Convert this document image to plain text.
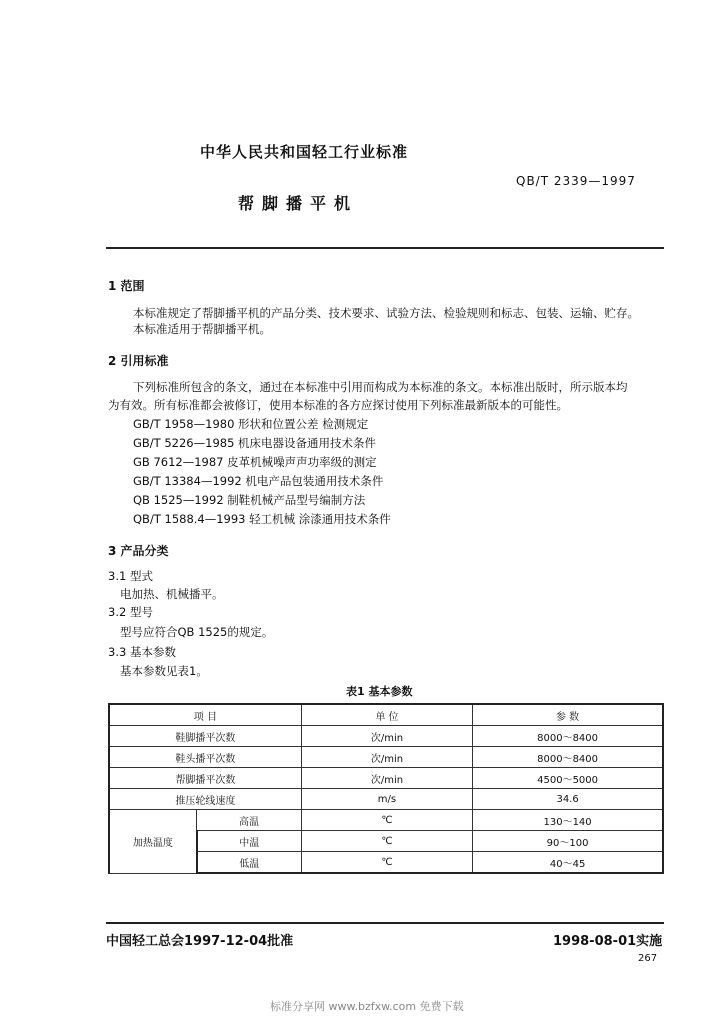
中华人民共和国轻工行业标准
QB/T 2339—1997
帮脚播平机
1 范围
本标准规定了帮脚播平机的产品分类、技术要求、试验方法、检验规则和标志、包装、运输、贮存。
本标准适用于帮脚播平机。
2 引用标准
下列标准所包含的条文，通过在本标准中引用而构成为本标准的条文。本标准出版时，所示版本均
为有效。所有标准都会被修订，使用本标准的各方应探讨使用下列标准最新版本的可能性。
GB/T 1958—1980 形状和位置公差 检测规定
GB/T 5226—1985 机床电器设备通用技术条件
GB 7612—1987 皮革机械噪声声功率级的测定
GB/T 13384—1992 机电产品包装通用技术条件
QB 1525—1992 制鞋机械产品型号编制方法
QB/T 1588.4—1993 轻工机械 涂漆通用技术条件
3 产品分类
3.1 型式
电加热、机械播平。
3.2 型号
型号应符合QB 1525的规定。
3.3 基本参数
基本参数见表1。
表1 基本参数
项 目		单 位	参 数
鞋脚播平次数		次/min	8000～8400
鞋头播平次数		次/min	8000～8400
帮脚播平次数		次/min	4500～5000
推压轮线速度		m/s	34.6
加热温度	高温	℃	130～140
	中温	℃	90～100
	低温	℃	40～45
中国轻工总会1997-12-04批准	1998-08-01实施
267
标准分享网 www.bzfxw.com 免费下载
